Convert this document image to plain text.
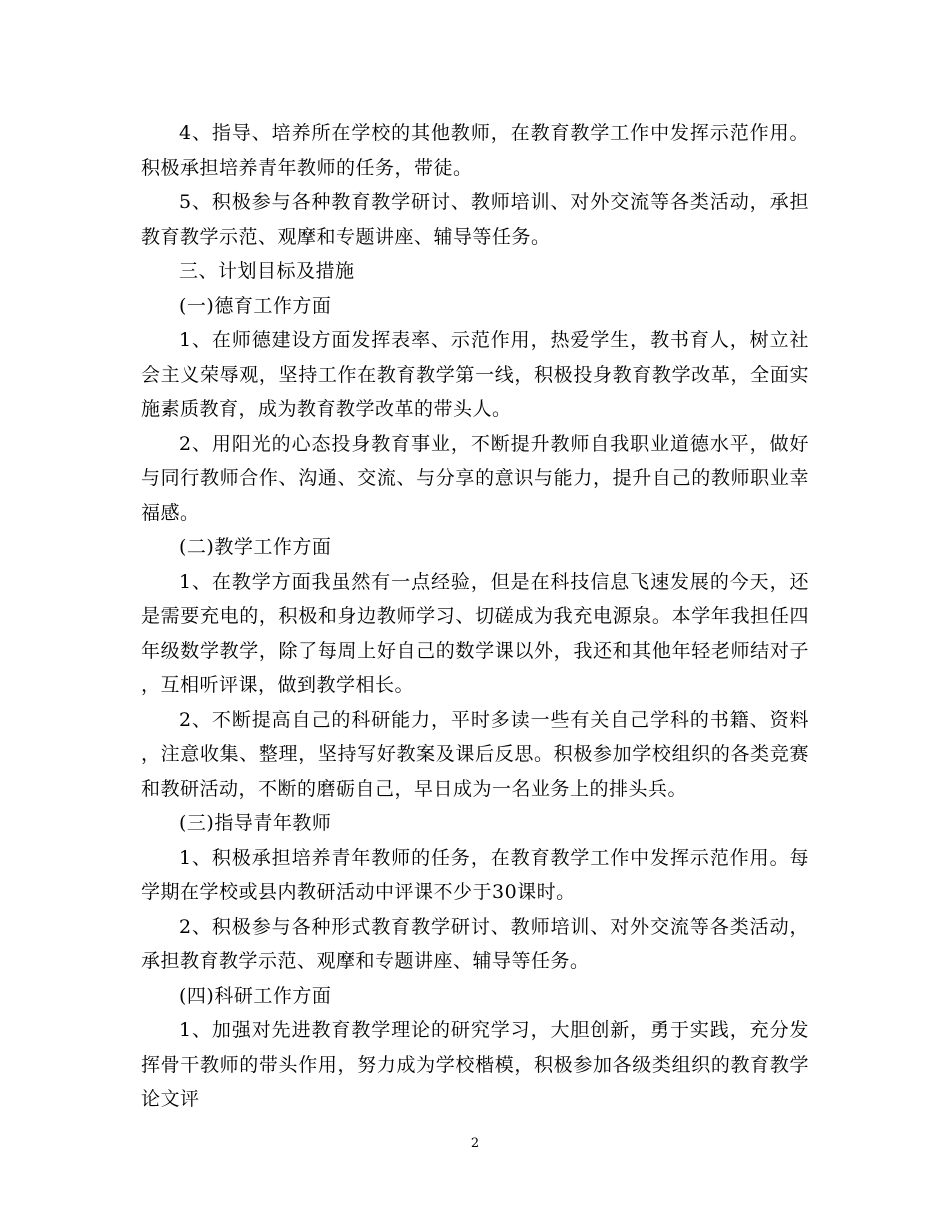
4、指导、培养所在学校的其他教师，在教育教学工作中发挥示范作用。积极承担培养青年教师的任务，带徒。

5、积极参与各种教育教学研讨、教师培训、对外交流等各类活动，承担教育教学示范、观摩和专题讲座、辅导等任务。

三、计划目标及措施

(一)德育工作方面

1、在师德建设方面发挥表率、示范作用，热爱学生，教书育人，树立社会主义荣辱观，坚持工作在教育教学第一线，积极投身教育教学改革，全面实施素质教育，成为教育教学改革的带头人。

2、用阳光的心态投身教育事业，不断提升教师自我职业道德水平，做好与同行教师合作、沟通、交流、与分享的意识与能力，提升自己的教师职业幸福感。

(二)教学工作方面

1、在教学方面我虽然有一点经验，但是在科技信息飞速发展的今天，还是需要充电的，积极和身边教师学习、切磋成为我充电源泉。本学年我担任四年级数学教学，除了每周上好自己的数学课以外，我还和其他年轻老师结对子，互相听评课，做到教学相长。

2、不断提高自己的科研能力，平时多读一些有关自己学科的书籍、资料，注意收集、整理，坚持写好教案及课后反思。积极参加学校组织的各类竞赛和教研活动，不断的磨砺自己，早日成为一名业务上的排头兵。

(三)指导青年教师

1、积极承担培养青年教师的任务，在教育教学工作中发挥示范作用。每学期在学校或县内教研活动中评课不少于30课时。

2、积极参与各种形式教育教学研讨、教师培训、对外交流等各类活动，承担教育教学示范、观摩和专题讲座、辅导等任务。

(四)科研工作方面

1、加强对先进教育教学理论的研究学习，大胆创新，勇于实践，充分发挥骨干教师的带头作用，努力成为学校楷模，积极参加各级类组织的教育教学论文评

2
